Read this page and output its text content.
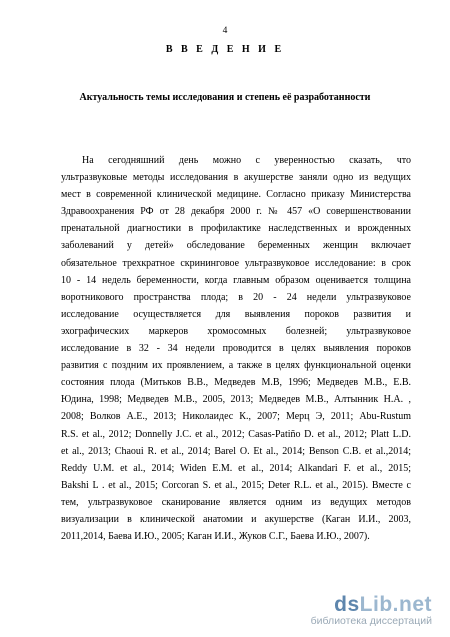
4
В В Е Д Е Н И Е
Актуальность темы исследования и степень её разработанности
На сегодняшний день можно с уверенностью сказать, что
ультразвуковые методы исследования в акушерстве заняли одно из ведущих
мест в современной клинической медицине. Согласно приказу Министерства
Здравоохранения РФ от 28 декабря 2000 г. № 457 «О совершенствовании
пренатальной диагностики в профилактике наследственных и врожденных
заболеваний у детей» обследование беременных женщин включает
обязательное трехкратное скрининговое ультразвуковое исследование: в срок
10 - 14 недель беременности, когда главным образом оценивается толщина
воротникового пространства плода; в 20 - 24 недели ультразвуковое
исследование осуществляется для выявления пороков развития и
эхографических маркеров хромосомных болезней; ультразвуковое
исследование в 32 - 34 недели проводится в целях выявления пороков
развития с поздним их проявлением, а также в целях функциональной оценки
состояния плода (Митьков В.В., Медведев М.В, 1996; Медведев М.В., Е.В.
Юдина, 1998; Медведев М.В., 2005, 2013; Медведев М.В., Алтынник Н.А. ,
2008; Волков А.Е., 2013; Николаидес К., 2007; Мерц Э, 2011; Abu-Rustum
R.S. et al., 2012; Donnelly J.C. et al., 2012; Casas-Patiño D. et al., 2012; Platt L.D.
et al., 2013; Chaoui R. et al., 2014; Barel O. Et al., 2014; Benson C.B. et al.,2014;
Reddy U.M. et al., 2014; Widen E.M. et al., 2014; Alkandari F. et al., 2015;
Bakshi L . et al., 2015; Corcoran S. et al., 2015; Deter R.L. et al., 2015). Вместе с
тем, ультразвуковое сканирование является одним из ведущих методов
визуализации в клинической анатомии и акушерстве (Каган И.И., 2003,
2011,2014, Баева И.Ю., 2005; Каган И.И., Жуков С.Г., Баева И.Ю., 2007).
dsLib.net
библиотека диссертаций
